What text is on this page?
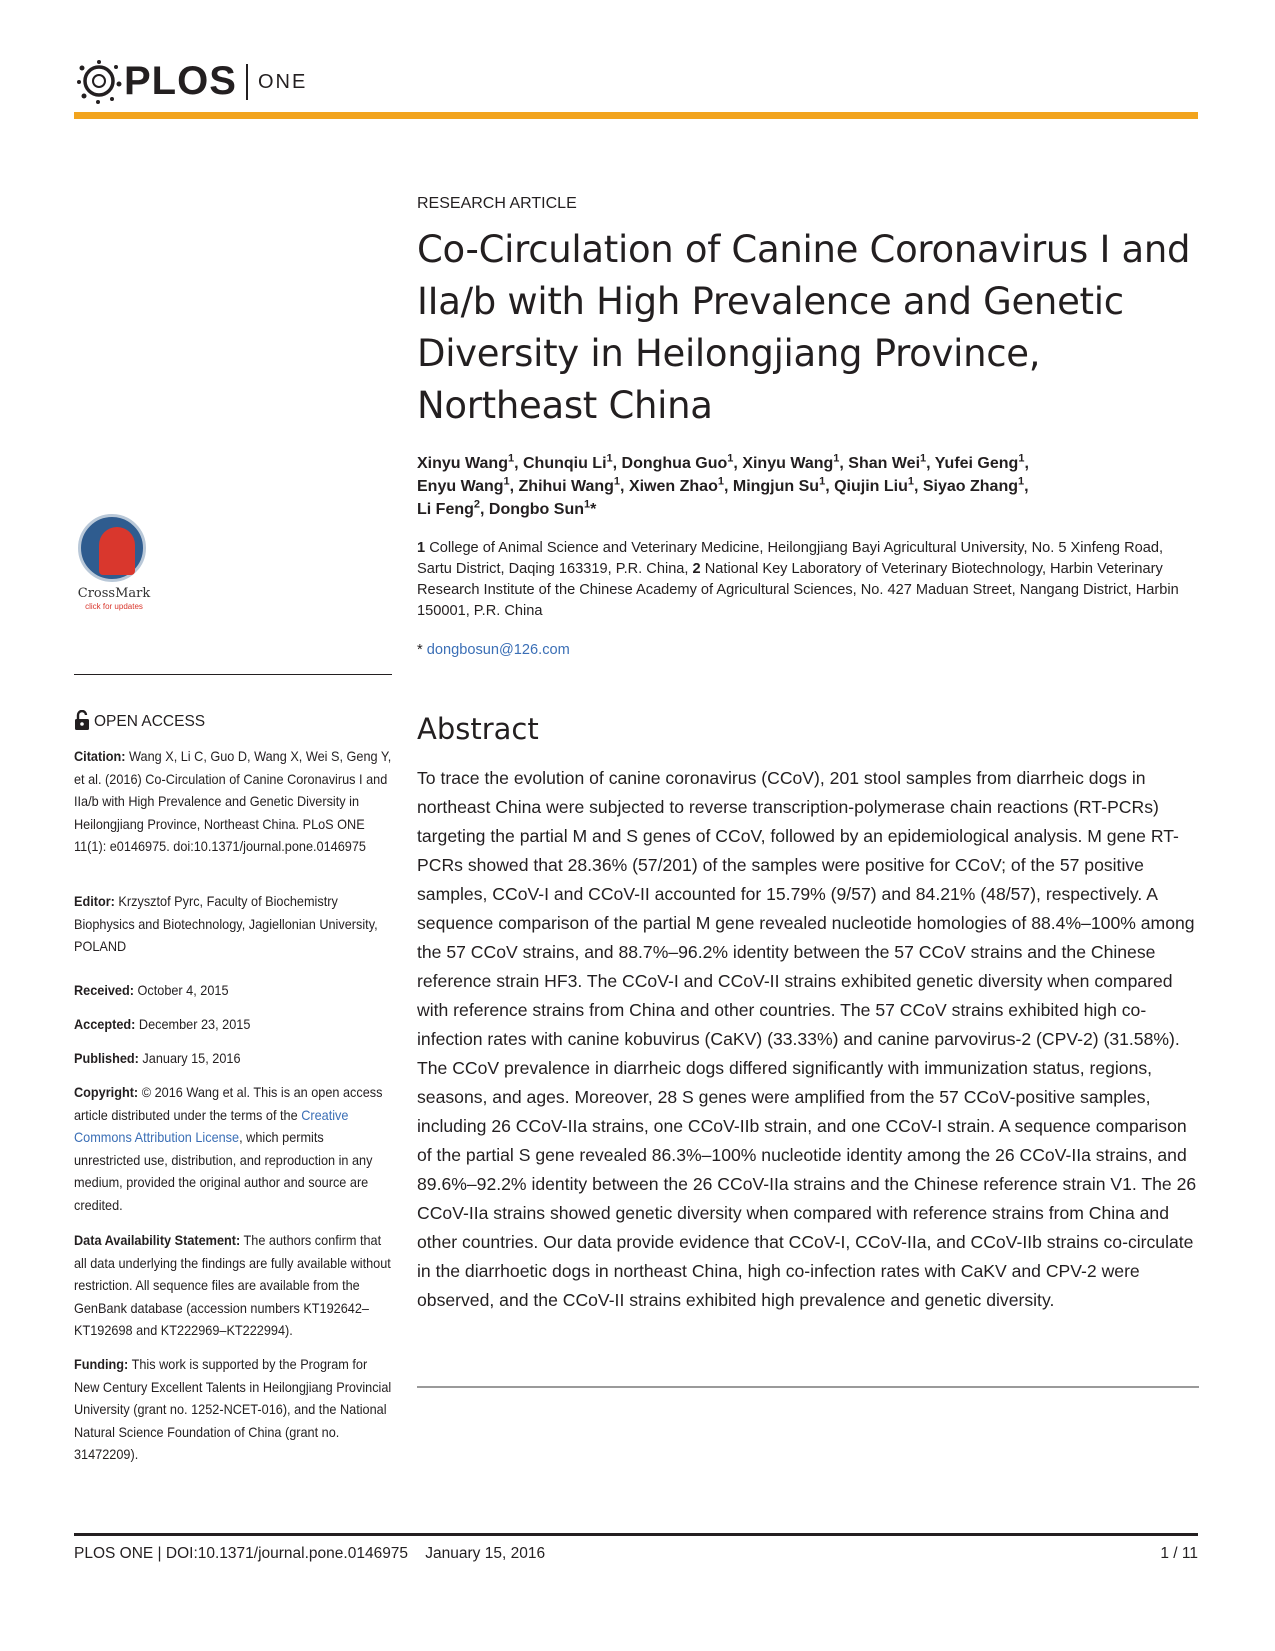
PLOS ONE
CrossMark
click for updates
OPEN ACCESS
Citation: Wang X, Li C, Guo D, Wang X, Wei S, Geng Y, et al. (2016) Co-Circulation of Canine Coronavirus I and IIa/b with High Prevalence and Genetic Diversity in Heilongjiang Province, Northeast China. PLoS ONE 11(1): e0146975. doi:10.1371/journal.pone.0146975
Editor: Krzysztof Pyrc, Faculty of Biochemistry Biophysics and Biotechnology, Jagiellonian University, POLAND
Received: October 4, 2015
Accepted: December 23, 2015
Published: January 15, 2016
Copyright: © 2016 Wang et al. This is an open access article distributed under the terms of the Creative Commons Attribution License, which permits unrestricted use, distribution, and reproduction in any medium, provided the original author and source are credited.
Data Availability Statement: The authors confirm that all data underlying the findings are fully available without restriction. All sequence files are available from the GenBank database (accession numbers KT192642–KT192698 and KT222969–KT222994).
Funding: This work is supported by the Program for New Century Excellent Talents in Heilongjiang Provincial University (grant no. 1252-NCET-016), and the National Natural Science Foundation of China (grant no. 31472209).
RESEARCH ARTICLE
Co-Circulation of Canine Coronavirus I and IIa/b with High Prevalence and Genetic Diversity in Heilongjiang Province, Northeast China
Xinyu Wang$^1$, Chunqiu Li$^1$, Donghua Guo$^1$, Xinyu Wang$^1$, Shan Wei$^1$, Yufei Geng$^1$,
Enyu Wang$^1$, Zhihui Wang$^1$, Xiwen Zhao$^1$, Mingjun Su$^1$, Qiujin Liu$^1$, Siyao Zhang$^1$,
Li Feng$^2$, Dongbo Sun$^1$*
1 College of Animal Science and Veterinary Medicine, Heilongjiang Bayi Agricultural University, No. 5 Xinfeng Road, Sartu District, Daqing 163319, P.R. China, 2 National Key Laboratory of Veterinary Biotechnology, Harbin Veterinary Research Institute of the Chinese Academy of Agricultural Sciences, No. 427 Maduan Street, Nangang District, Harbin 150001, P.R. China
* dongbosun@126.com
Abstract

To trace the evolution of canine coronavirus (CCoV), 201 stool samples from diarrheic dogs in northeast China were subjected to reverse transcription-polymerase chain reactions (RT-PCRs) targeting the partial M and S genes of CCoV, followed by an epidemiological analysis. M gene RT-PCRs showed that 28.36% (57/201) of the samples were positive for CCoV; of the 57 positive samples, CCoV-I and CCoV-II accounted for 15.79% (9/57) and 84.21% (48/57), respectively. A sequence comparison of the partial M gene revealed nucleotide homologies of 88.4%–100% among the 57 CCoV strains, and 88.7%–96.2% identity between the 57 CCoV strains and the Chinese reference strain HF3. The CCoV-I and CCoV-II strains exhibited genetic diversity when compared with reference strains from China and other countries. The 57 CCoV strains exhibited high co-infection rates with canine kobuvirus (CaKV) (33.33%) and canine parvovirus-2 (CPV-2) (31.58%). The CCoV prevalence in diarrheic dogs differed significantly with immunization status, regions, seasons, and ages. Moreover, 28 S genes were amplified from the 57 CCoV-positive samples, including 26 CCoV-IIa strains, one CCoV-IIb strain, and one CCoV-I strain. A sequence comparison of the partial S gene revealed 86.3%–100% nucleotide identity among the 26 CCoV-IIa strains, and 89.6%–92.2% identity between the 26 CCoV-IIa strains and the Chinese reference strain V1. The 26 CCoV-IIa strains showed genetic diversity when compared with reference strains from China and other countries. Our data provide evidence that CCoV-I, CCoV-IIa, and CCoV-IIb strains co-circulate in the diarrhoetic dogs in northeast China, high co-infection rates with CaKV and CPV-2 were observed, and the CCoV-II strains exhibited high prevalence and genetic diversity.

PLOS ONE | DOI:10.1371/journal.pone.0146975    January 15, 2016	1 / 11
